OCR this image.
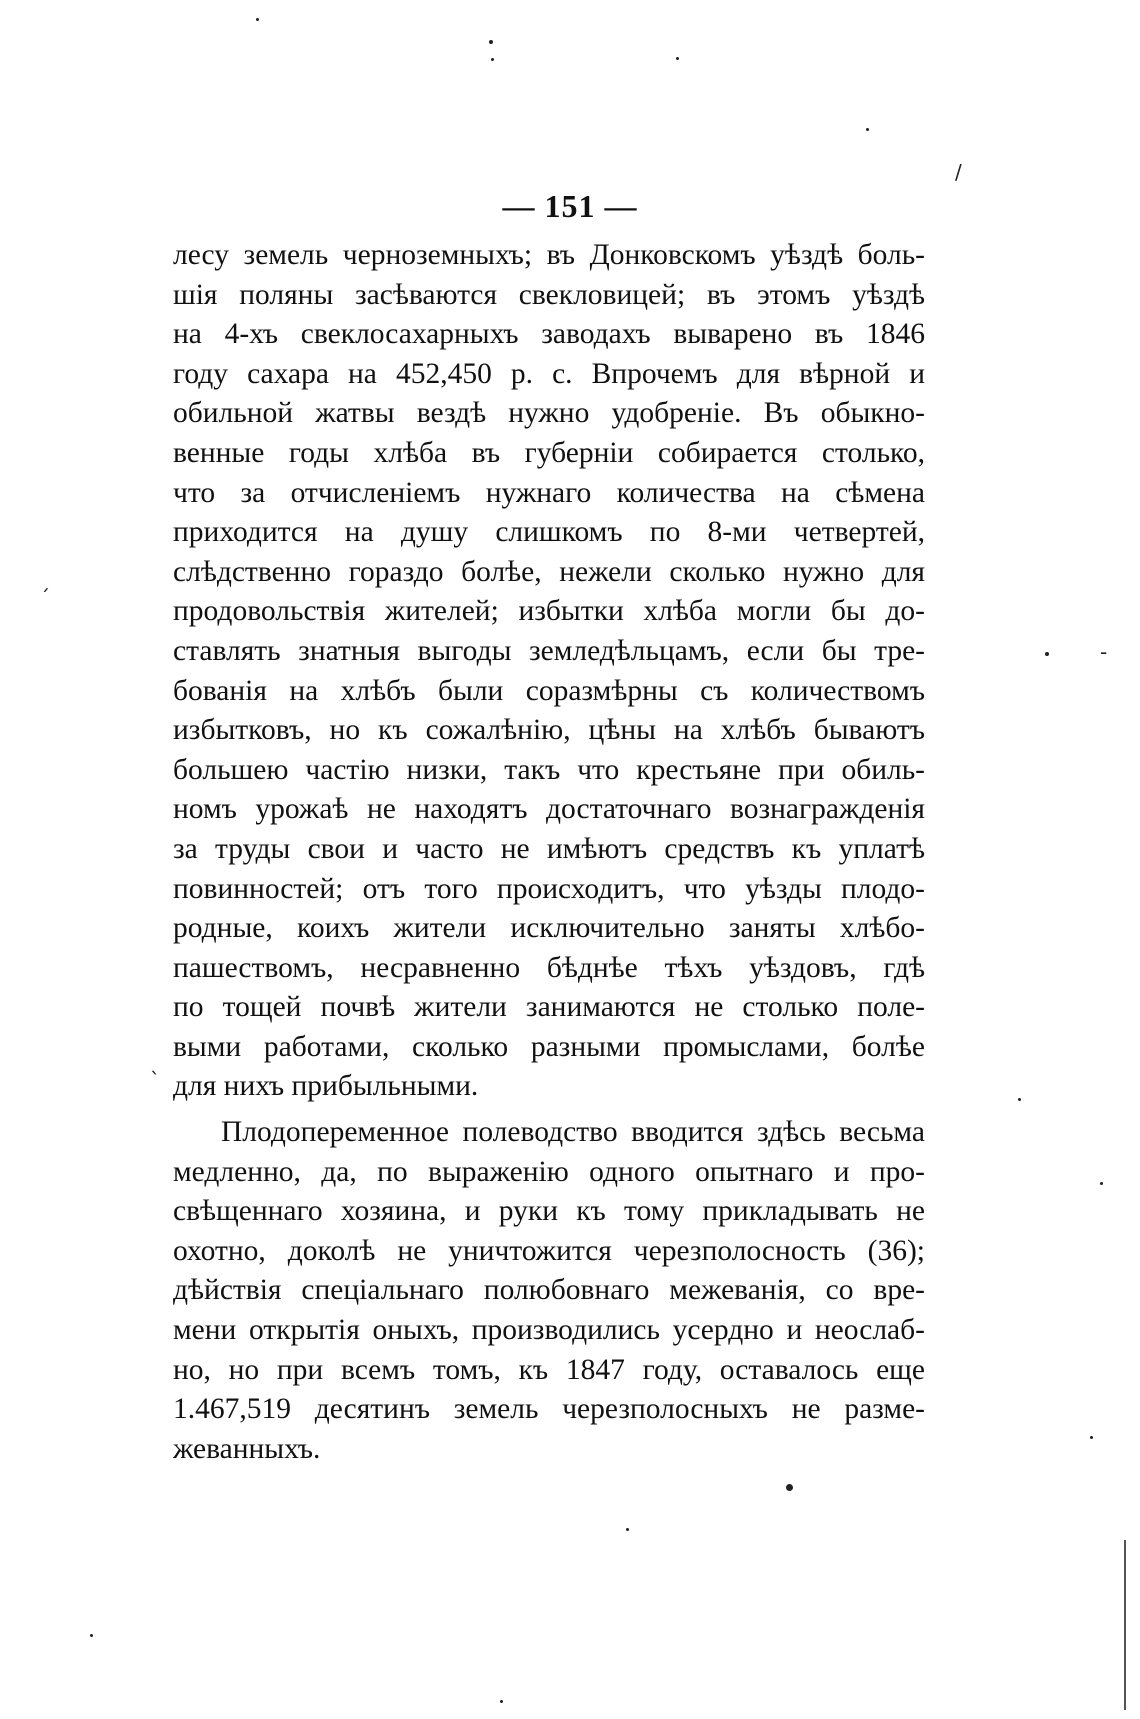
— 151 —
лесу земель черноземныхъ; въ Донковскомъ уѣздѣ боль-
шія поляны засѣваются свекловицей; въ этомъ уѣздѣ
на 4-хъ свеклосахарныхъ заводахъ выварено въ 1846
году сахара на 452,450 р. с. Впрочемъ для вѣрной и
обильной жатвы вездѣ нужно удобреніе. Въ обыкно-
венные годы хлѣба въ губерніи собирается столько,
что за отчисленіемъ нужнаго количества на сѣмена
приходится на душу слишкомъ по 8-ми четвертей,
слѣдственно гораздо болѣе, нежели сколько нужно для
продовольствія жителей; избытки хлѣба могли бы до-
ставлять знатныя выгоды земледѣльцамъ, если бы тре-
бованія на хлѣбъ были соразмѣрны съ количествомъ
избытковъ, но къ сожалѣнію, цѣны на хлѣбъ бываютъ
большею частію низки, такъ что крестьяне при обиль-
номъ урожаѣ не находятъ достаточнаго вознагражденія
за труды свои и часто не имѣютъ средствъ къ уплатѣ
повинностей; отъ того происходитъ, что уѣзды плодо-
родные, коихъ жители исключительно заняты хлѣбо-
пашествомъ, несравненно бѣднѣе тѣхъ уѣздовъ, гдѣ
по тощей почвѣ жители занимаются не столько поле-
выми работами, сколько разными промыслами, болѣе
для нихъ прибыльными.
Плодопеременное полеводство вводится здѣсь весьма
медленно, да, по выраженію одного опытнаго и про-
свѣщеннаго хозяина, и руки къ тому прикладывать не
охотно, доколѣ не уничтожится черезполосность (36);
дѣйствія спеціальнаго полюбовнаго межеванія, со вре-
мени открытія оныхъ, производились усердно и неослаб-
но, но при всемъ томъ, къ 1847 году, оставалось еще
1.467,519 десятинъ земель черезполосныхъ не разме-
жеванныхъ.
ˏ
-
/
ˋ
